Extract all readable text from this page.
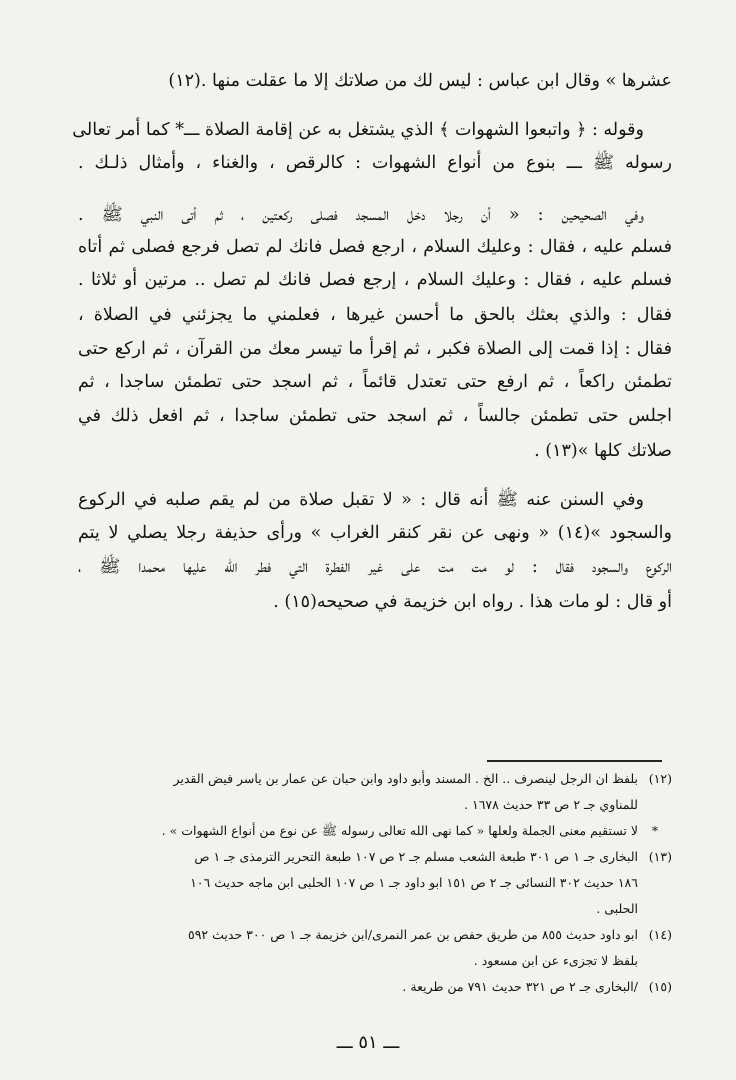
عشرها » وقال ابن عباس : ليس لك من صلاتك إلا ما عقلت منها .(١٢)
وقوله : ﴿ واتبعوا الشهوات ﴾ الذي يشتغل به عن إقامة الصلاة ـــ* كما أمر تعالى
رسوله ﷺ ـــ بنوع من أنواع الشهوات : كالرقص ، والغناء ، وأمثال ذلـك .
وفي الصحيحين : « أن رجلا دخل المسجد فصلى ركعتين ، ثم أتى النبي ﷺ .
فسلم عليه ، فقال : وعليك السلام ، ارجع فصل فانك لم تصل فرجع فصلى ثم أتاه
فسلم عليه ، فقال : وعليك السلام ، إرجع فصل فانك لم تصل .. مرتين أو ثلاثا .
فقال : والذي بعثك بالحق ما أحسن غيرها ، فعلمني ما يجزئني في الصلاة ،
فقال : إذا قمت إلى الصلاة فكبر ، ثم إقرأ ما تيسر معك من القرآن ، ثم اركع حتى
تطمئن راكعاً ، ثم ارفع حتى تعتدل قائماً ، ثم اسجد حتى تطمئن ساجدا ، ثم
اجلس حتى تطمئن جالساً ، ثم اسجد حتى تطمئن ساجدا ، ثم افعل ذلك في
صلاتك كلها »(١٣) .
وفي السنن عنه ﷺ أنه قال : « لا تقبل صلاة من لم يقم صلبه في الركوع
والسجود »(١٤) « ونهى عن نقر كنقر الغراب » ورأى حذيفة رجلا يصلي لا يتم
الركوع والسجود فقال : لو مت مت على غير الفطرة التي فطر الله عليها محمدا ﷺ ،
أو قال : لو مات هذا . رواه ابن خزيمة في صحيحه(١٥) .
(١٢)بلفظ ان الرجل لينصرف .. الخ . المسند وأبو داود وابن حبان عن عمار بن ياسر فيض القدير
للمناوي جـ ٢ ص ٣٣ حديث ١٦٧٨ .
*لا تستقيم معنى الجملة ولعلها « كما نهى الله تعالى رسوله ﷺ عن نوع من أنواع الشهوات » .
(١٣)البخارى جـ ١ ص ٣٠١ طبعة الشعب مسلم جـ ٢ ص ١٠٧ طبعة التحرير الترمذى جـ ١ ص
١٨٦ حديث ٣٠٢ النسائى جـ ٢ ص ١٥١ ابو داود جـ ١ ص ١٠٧ الحلبى ابن ماجه حديث ١٠٦
الحلبى .
(١٤)ابو داود حديث ٨٥٥ من طريق حفص بن عمر النمرى/ابن خزيمة جـ ١ ص ٣٠٠ حديث ٥٩٢
بلفظ لا تجزىء عن ابن مسعود .
(١٥)/البخارى جـ ٢ ص ٣٢١ حديث ٧٩١ من طريعة .
ـــ ٥١ ـــ
